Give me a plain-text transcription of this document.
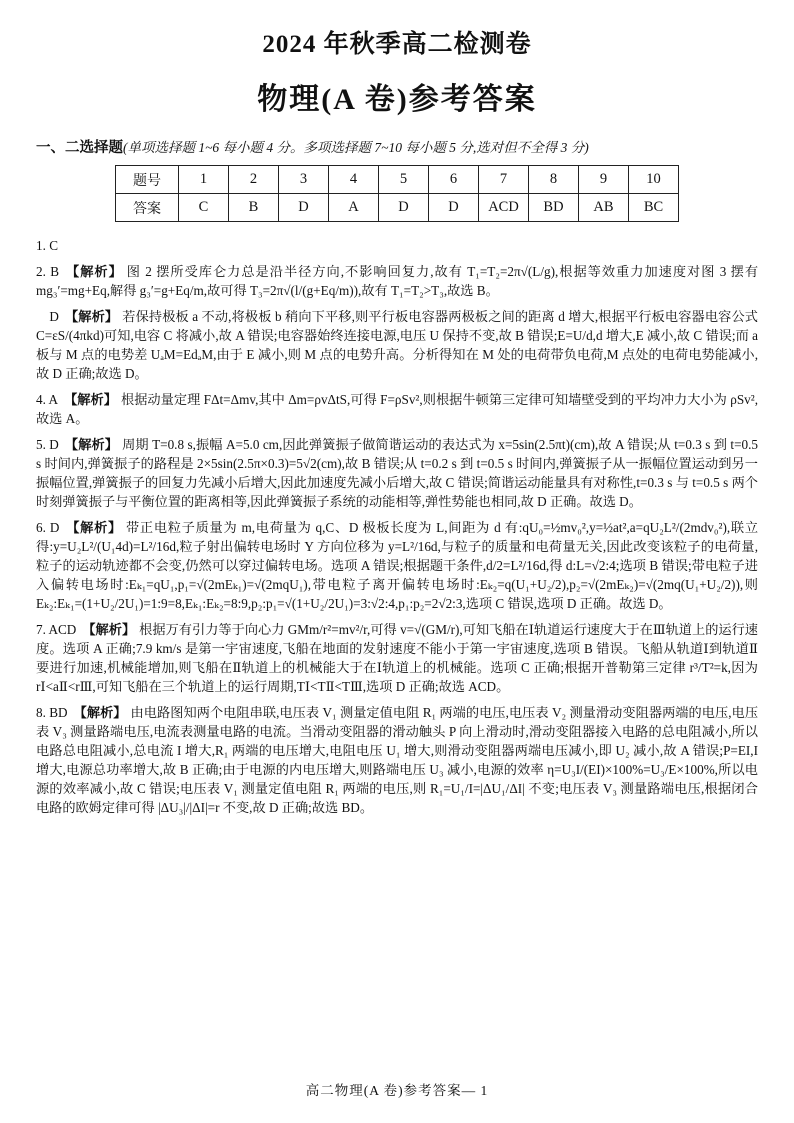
2024 年秋季高二检测卷
物理(A 卷)参考答案

一、二选择题(单项选择题 1~6 每小题 4 分。多项选择题 7~10 每小题 5 分,选对但不全得 3 分)

题号	1	2	3	4	5	6	7	8	9	10
答案	C	B	D	A	D	D	ACD	BD	AB	BC

1. C

2. B 【解析】 图 2 摆所受库仑力总是沿半径方向,不影响回复力,故有 T₁=T₂=2π√(L/g),根据等效重力加速度对图 3 摆有 mg₃′=mg+Eq,解得 g₃′=g+Eq/m,故可得 T₃=2π√(l/(g+Eq/m)),故有 T₁=T₂>T₃,故选 B。

　D 【解析】 若保持极板 a 不动,将极板 b 稍向下平移,则平行板电容器两极板之间的距离 d 增大,根据平行板电容器电容公式 C=εS/(4πkd)可知,电容 C 将减小,故 A 错误;电容器始终连接电源,电压 U 保持不变,故 B 错误;E=U/d,d 增大,E 减小,故 C 错误;而 a 板与 M 点的电势差 UₐM=EdₐM,由于 E 减小,则 M 点的电势升高。分析得知在 M 处的电荷带负电荷,M 点处的电荷电势能减小,故 D 正确;故选 D。

4. A 【解析】 根据动量定理 FΔt=Δmv,其中 Δm=ρvΔtS,可得 F=ρSv²,则根据牛顿第三定律可知墙壁受到的平均冲力大小为 ρSv²,故选 A。

5. D 【解析】 周期 T=0.8 s,振幅 A=5.0 cm,因此弹簧振子做简谐运动的表达式为 x=5sin(2.5πt)(cm),故 A 错误;从 t=0.3 s 到 t=0.5 s 时间内,弹簧振子的路程是 2×5sin(2.5π×0.3)=5√2(cm),故 B 错误;从 t=0.2 s 到 t=0.5 s 时间内,弹簧振子从一振幅位置运动到另一振幅位置,弹簧振子的回复力先减小后增大,因此加速度先减小后增大,故 C 错误;简谐运动能量具有对称性,t=0.3 s 与 t=0.5 s 两个时刻弹簧振子与平衡位置的距离相等,因此弹簧振子系统的动能相等,弹性势能也相同,故 D 正确。故选 D。

6. D 【解析】 带正电粒子质量为 m,电荷量为 q,C、D 极板长度为 L,间距为 d 有:qU₀=½mv₀²,y=½at²,a=qU₂L²/(2mdv₀²),联立得:y=U₂L²/(U₁4d)=L²/16d,粒子射出偏转电场时 Y 方向位移为 y=L²/16d,与粒子的质量和电荷量无关,因此改变该粒子的电荷量,粒子的运动轨迹都不会变,仍然可以穿过偏转电场。选项 A 错误;根据题干条件,d/2=L²/16d,得 d:L=√2:4;选项 B 错误;带电粒子进入偏转电场时:Eₖ₁=qU₁,p₁=√(2mEₖ₁)=√(2mqU₁),带电粒子离开偏转电场时:Eₖ₂=q(U₁+U₂/2),p₂=√(2mEₖ₂)=√(2mq(U₁+U₂/2)),则 Eₖ₂:Eₖ₁=(1+U₂/2U₁)=1:9=8,Eₖ₁:Eₖ₂=8:9,p₂:p₁=√(1+U₂/2U₁)=3:√2:4,p₁:p₂=2√2:3,选项 C 错误,选项 D 正确。故选 D。

7. ACD 【解析】 根据万有引力等于向心力 GMm/r²=mv²/r,可得 v=√(GM/r),可知飞船在Ⅰ轨道运行速度大于在Ⅲ轨道上的运行速度。选项 A 正确;7.9 km/s 是第一宇宙速度,飞船在地面的发射速度不能小于第一宇宙速度,选项 B 错误。飞船从轨道Ⅰ到轨道Ⅱ要进行加速,机械能增加,则飞船在Ⅱ轨道上的机械能大于在Ⅰ轨道上的机械能。选项 C 正确;根据开普勒第三定律 r³/T²=k,因为 rⅠ<aⅡ<rⅢ,可知飞船在三个轨道上的运行周期,TⅠ<TⅡ<TⅢ,选项 D 正确;故选 ACD。

8. BD 【解析】 由电路图知两个电阻串联,电压表 V₁ 测量定值电阻 R₁ 两端的电压,电压表 V₂ 测量滑动变阻器两端的电压,电压表 V₃ 测量路端电压,电流表测量电路的电流。当滑动变阻器的滑动触头 P 向上滑动时,滑动变阻器接入电路的总电阻减小,所以电路总电阻减小,总电流 I 增大,R₁ 两端的电压增大,电阻电压 U₁ 增大,则滑动变阻器两端电压减小,即 U₂ 减小,故 A 错误;P=EI,I 增大,电源总功率增大,故 B 正确;由于电源的内电压增大,则路端电压 U₃ 减小,电源的效率 η=U₃I/(EI)×100%=U₃/E×100%,所以电源的效率减小,故 C 错误;电压表 V₁ 测量定值电阻 R₁ 两端的电压,则 R₁=U₁/I=|ΔU₁/ΔI| 不变;电压表 V₃ 测量路端电压,根据闭合电路的欧姆定律可得 |ΔU₃|/|ΔI|=r 不变,故 D 正确;故选 BD。

高二物理(A 卷)参考答案— 1
